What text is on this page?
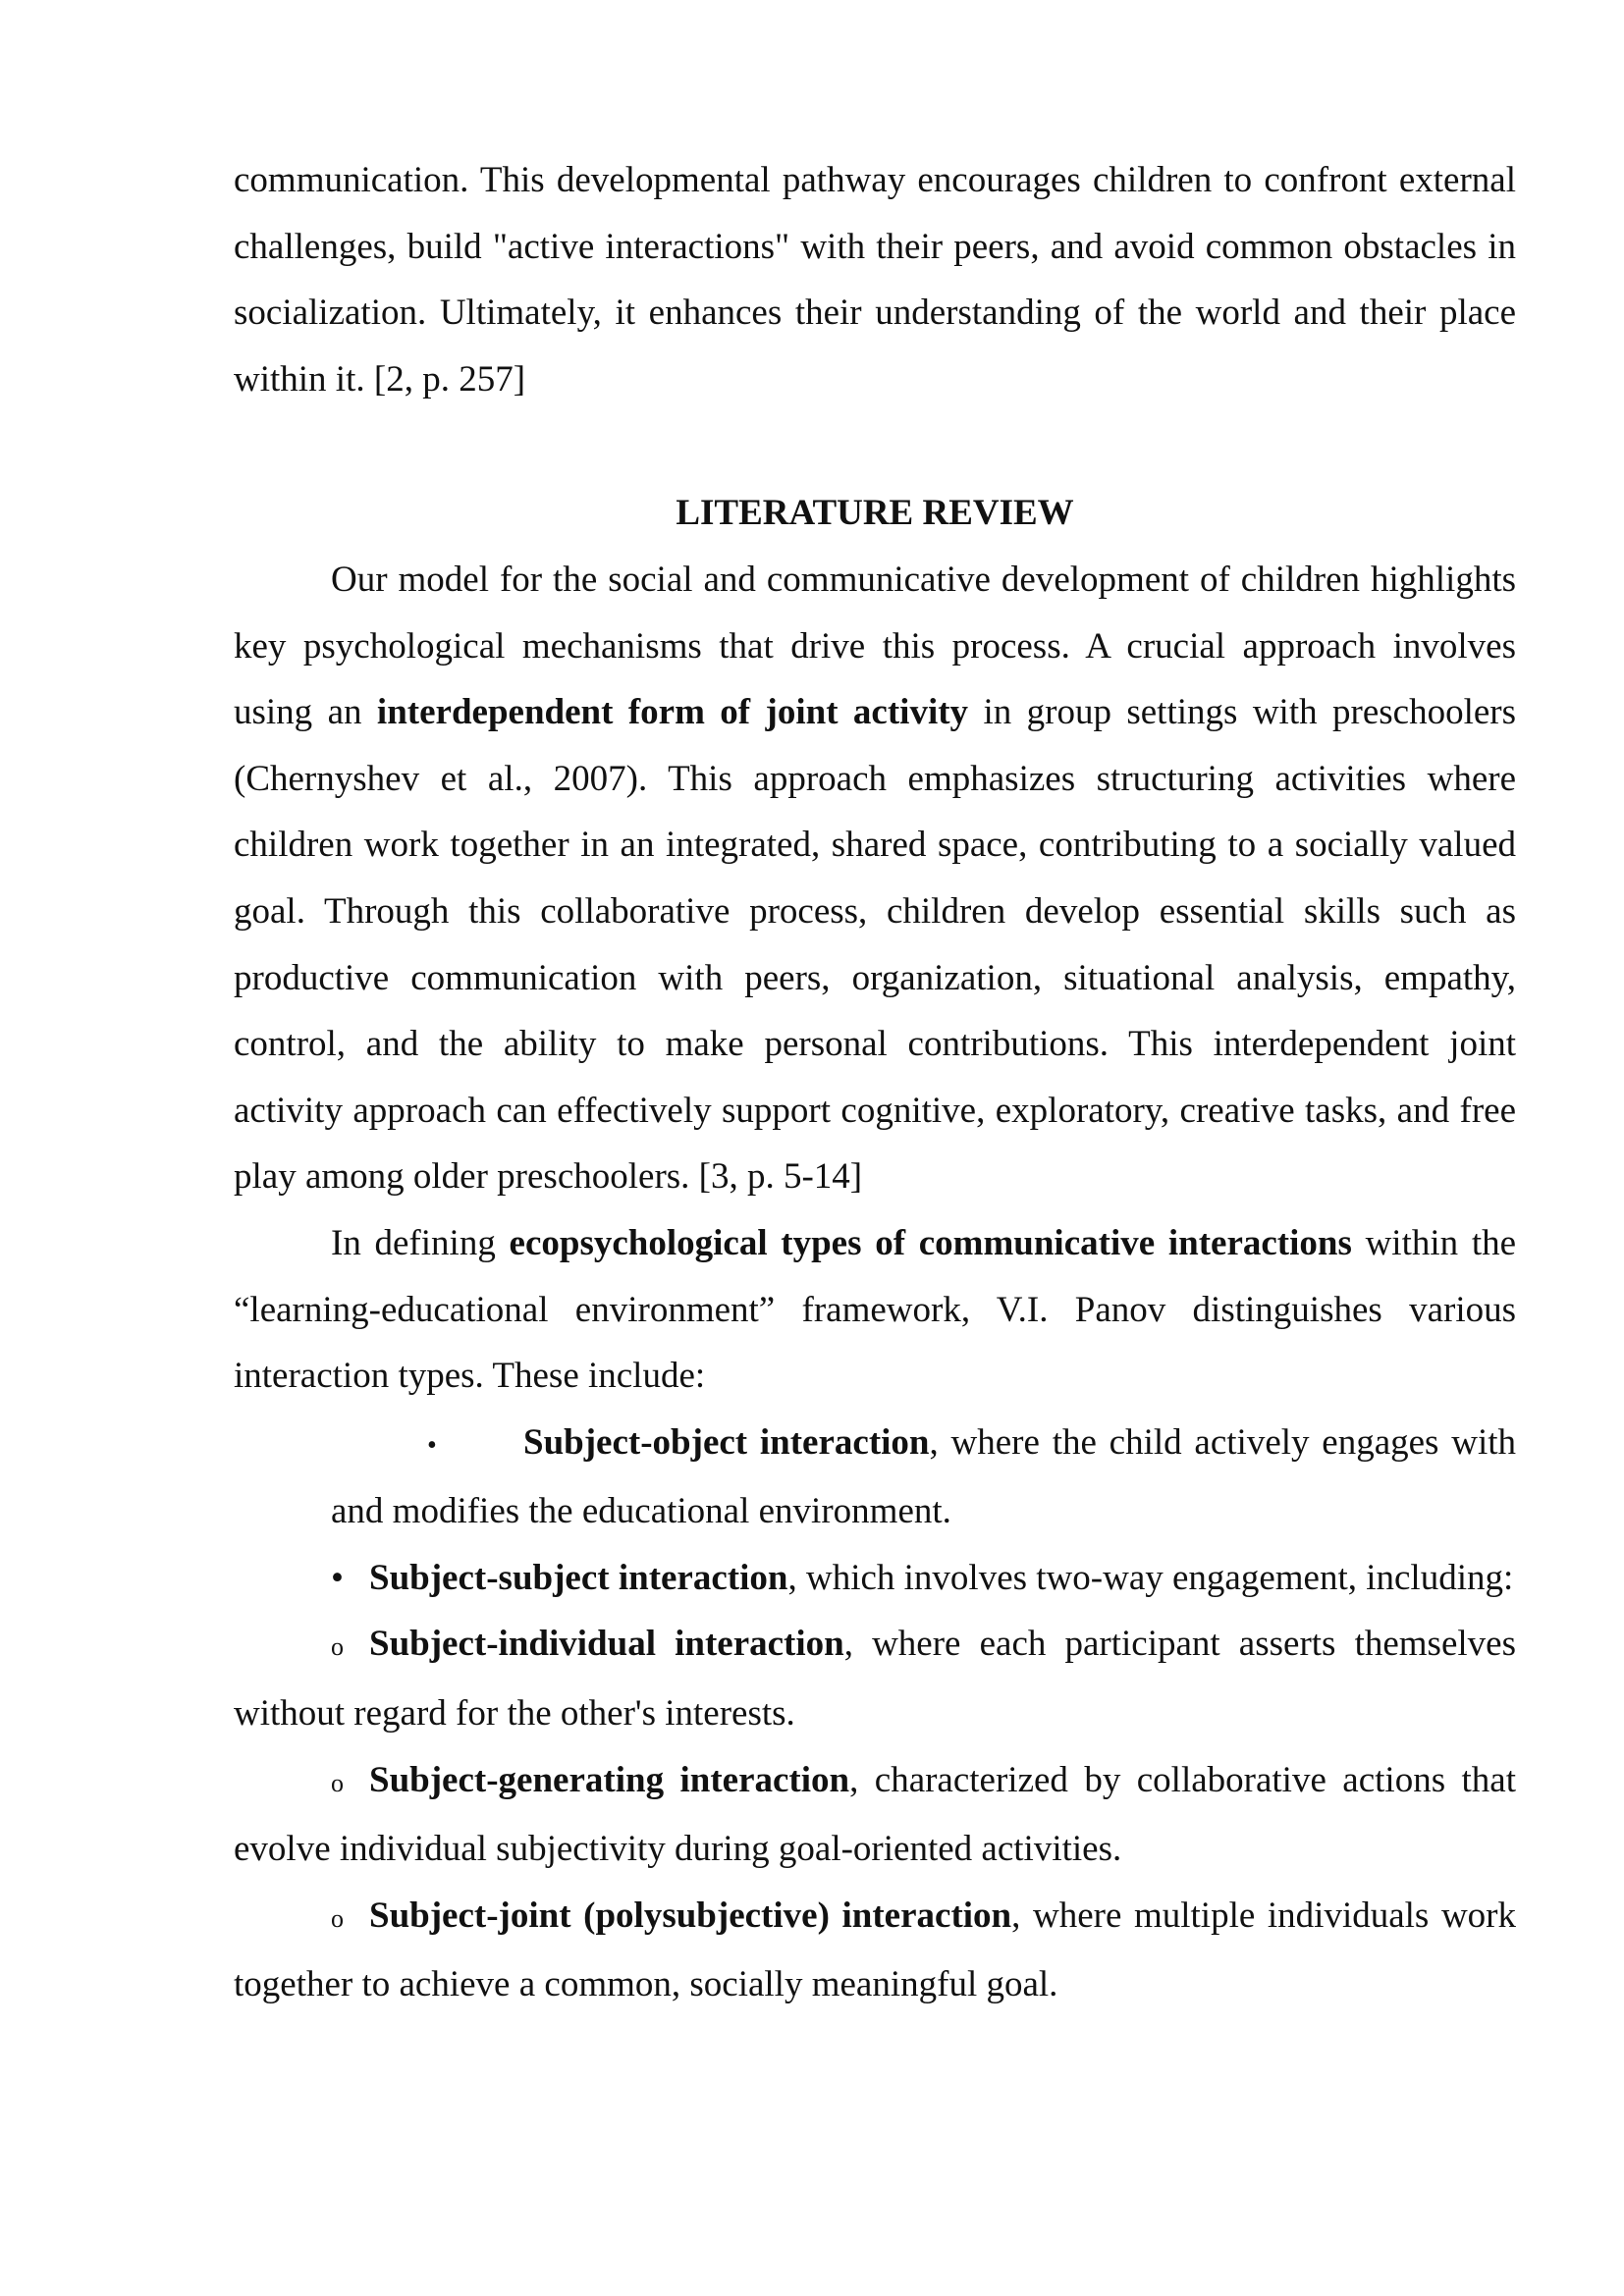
communication. This developmental pathway encourages children to confront external challenges, build "active interactions" with their peers, and avoid common obstacles in socialization. Ultimately, it enhances their understanding of the world and their place within it. [2, p. 257]

LITERATURE REVIEW

Our model for the social and communicative development of children highlights key psychological mechanisms that drive this process. A crucial approach involves using an interdependent form of joint activity in group settings with preschoolers (Chernyshev et al., 2007). This approach emphasizes structuring activities where children work together in an integrated, shared space, contributing to a socially valued goal. Through this collaborative process, children develop essential skills such as productive communication with peers, organization, situational analysis, empathy, control, and the ability to make personal contributions. This interdependent joint activity approach can effectively support cognitive, exploratory, creative tasks, and free play among older preschoolers. [3, p. 5-14]

In defining ecopsychological types of communicative interactions within the “learning-educational environment” framework, V.I. Panov distinguishes various interaction types. These include:

• Subject-object interaction, where the child actively engages with and modifies the educational environment.

• Subject-subject interaction, which involves two-way engagement, including:

o Subject-individual interaction, where each participant asserts themselves without regard for the other's interests.

o Subject-generating interaction, characterized by collaborative actions that evolve individual subjectivity during goal-oriented activities.

o Subject-joint (polysubjective) interaction, where multiple individuals work together to achieve a common, socially meaningful goal.
